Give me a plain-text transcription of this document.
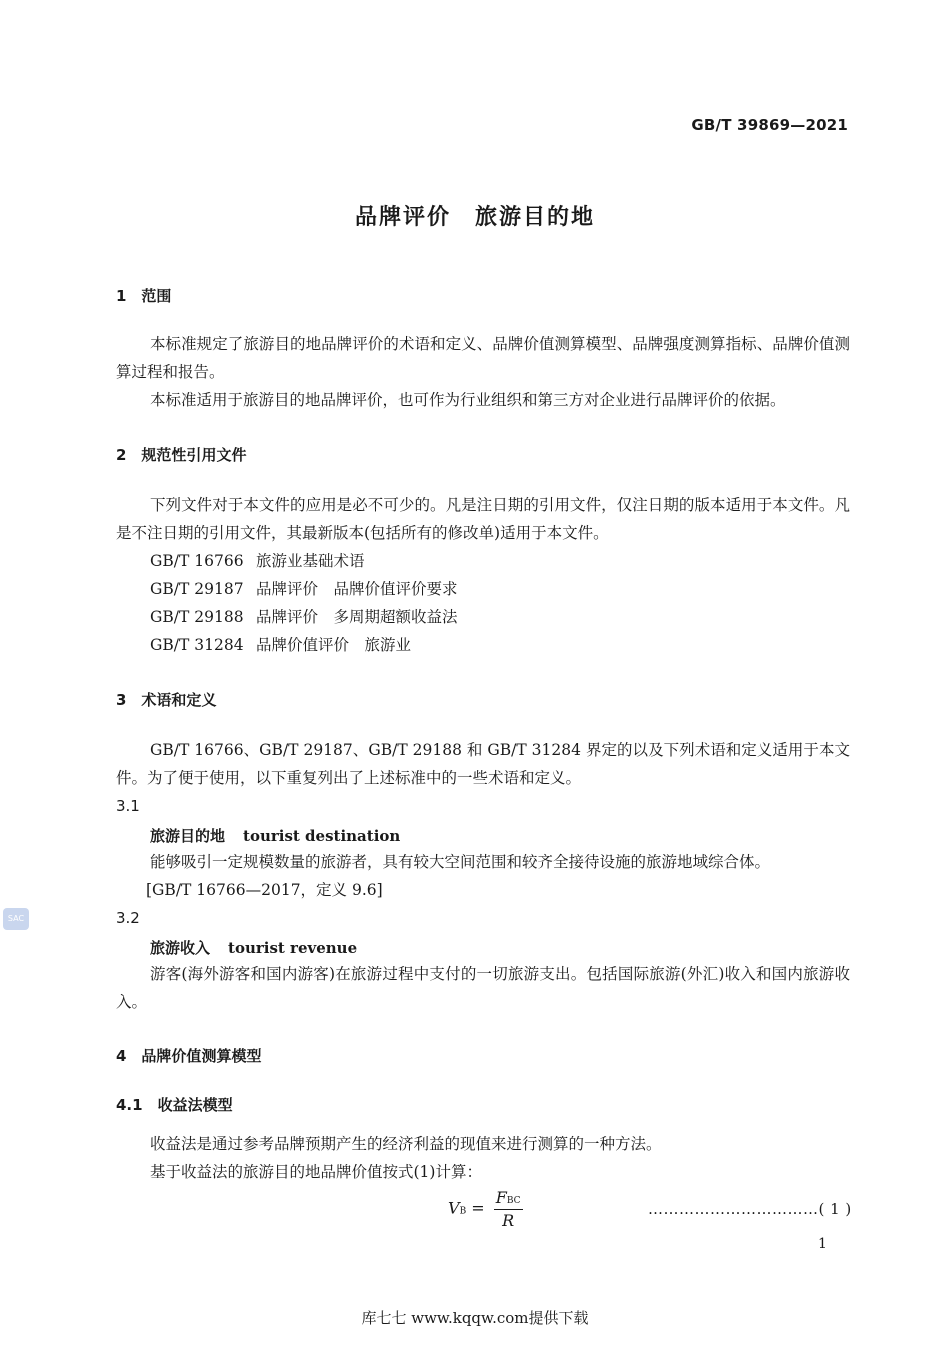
GB/T 39869—2021
品牌评价　旅游目的地
1　范围
本标准规定了旅游目的地品牌评价的术语和定义、品牌价值测算模型、品牌强度测算指标、品牌价值测算过程和报告。
本标准适用于旅游目的地品牌评价，也可作为行业组织和第三方对企业进行品牌评价的依据。
2　规范性引用文件
下列文件对于本文件的应用是必不可少的。凡是注日期的引用文件，仅注日期的版本适用于本文件。凡是不注日期的引用文件，其最新版本(包括所有的修改单)适用于本文件。
GB/T 16766 旅游业基础术语
GB/T 29187 品牌评价　品牌价值评价要求
GB/T 29188 品牌评价　多周期超额收益法
GB/T 31284 品牌价值评价　旅游业
3　术语和定义
GB/T 16766、GB/T 29187、GB/T 29188 和 GB/T 31284 界定的以及下列术语和定义适用于本文件。为了便于使用，以下重复列出了上述标准中的一些术语和定义。
3.1
旅游目的地 tourist destination
能够吸引一定规模数量的旅游者，具有较大空间范围和较齐全接待设施的旅游地域综合体。
[GB/T 16766—2017，定义 9.6]
3.2
旅游收入 tourist revenue
游客(海外游客和国内游客)在旅游过程中支付的一切旅游支出。包括国际旅游(外汇)收入和国内旅游收入。
4　品牌价值测算模型
4.1　收益法模型
收益法是通过参考品牌预期产生的经济利益的现值来进行测算的一种方法。
基于收益法的旅游目的地品牌价值按式(1)计算：
VB = $\frac{\text{FBC}}{R}$	……………………………( 1 )
1
SAC
库七七 www.kqqw.com提供下载
